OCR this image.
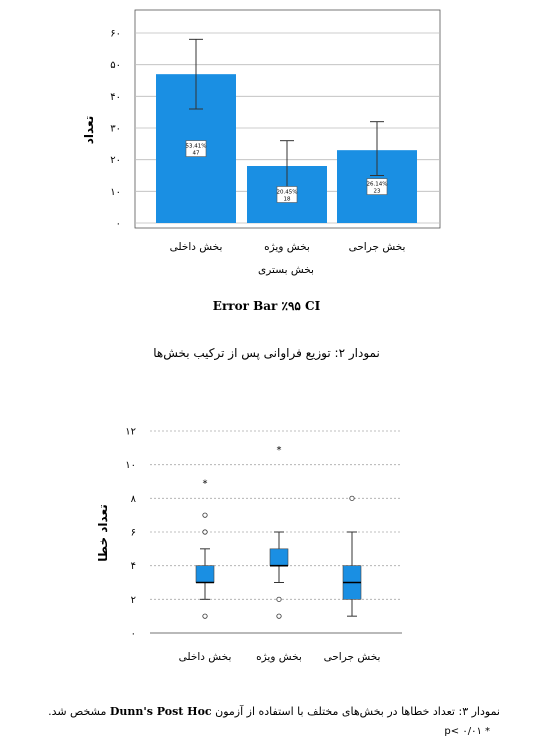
53.41%
47
20.45%
18
26.14%
23
۰
۱۰
۲۰
۳۰
۴۰
۵۰
۶۰
بخش داخلی	بخش ویژه	بخش جراحی
تعداد
بخش بستری
Error Bar ٪۹۵ CI
نمودار ۲: توزیع فراوانی پس از ترکیب بخش‌ها
*
*
۰
۲
۴
۶
۸
۱۰
۱۲
بخش داخلی بخش ویژه بخش جراحی
تعداد خطا
نمودار ۳: تعداد خطاها در بخش‌های مختلف با استفاده از آزمون Dunn's Post Hoc مشخص شد.
* p< ۰/۰۱
